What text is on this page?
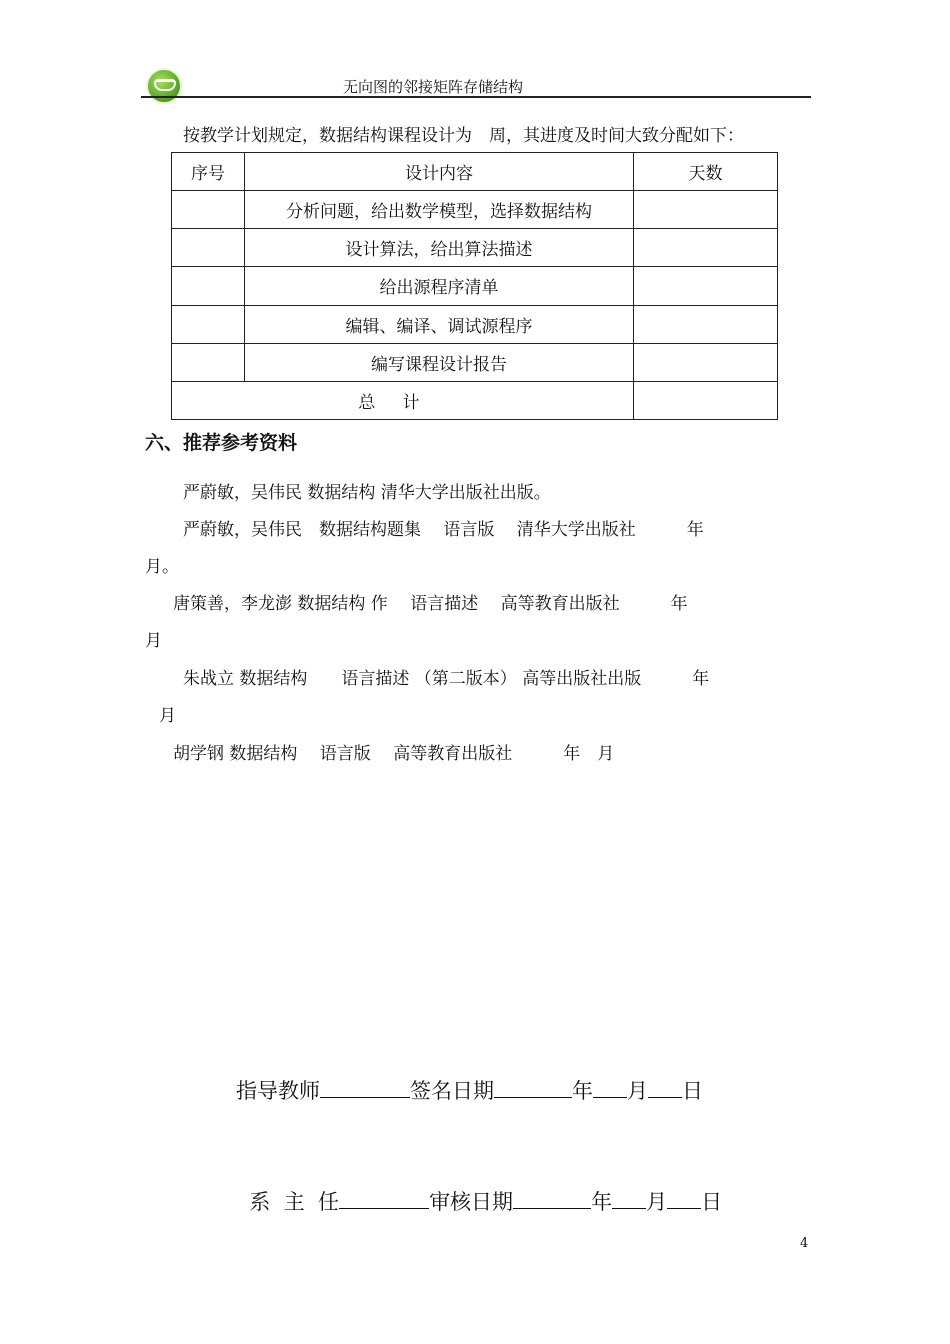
无向图的邻接矩阵存储结构

按教学计划规定，数据结构课程设计为　周，其进度及时间大致分配如下：

序号	设计内容	天数
	分析问题，给出数学模型，选择数据结构	
	设计算法，给出算法描述	
	给出源程序清单	
	编辑、编译、调试源程序	
	编写课程设计报告	
总计		
六、推荐参考资料

严蔚敏，吴伟民 数据结构 清华大学出版社出版。

严蔚敏，吴伟民　数据结构题集　 语言版　 清华大学出版社　　　年

月。

唐策善，李龙澎 数据结构 作　 语言描述　 高等教育出版社　　　年

月

朱战立 数据结构　　语言描述 （第二版本） 高等出版社出版　　　年

月

胡学钢 数据结构　 语言版　 高等教育出版社　　　年　月

指导教师	签名日期	年 月 日

系  主  任	审核日期	年 月 日

4
